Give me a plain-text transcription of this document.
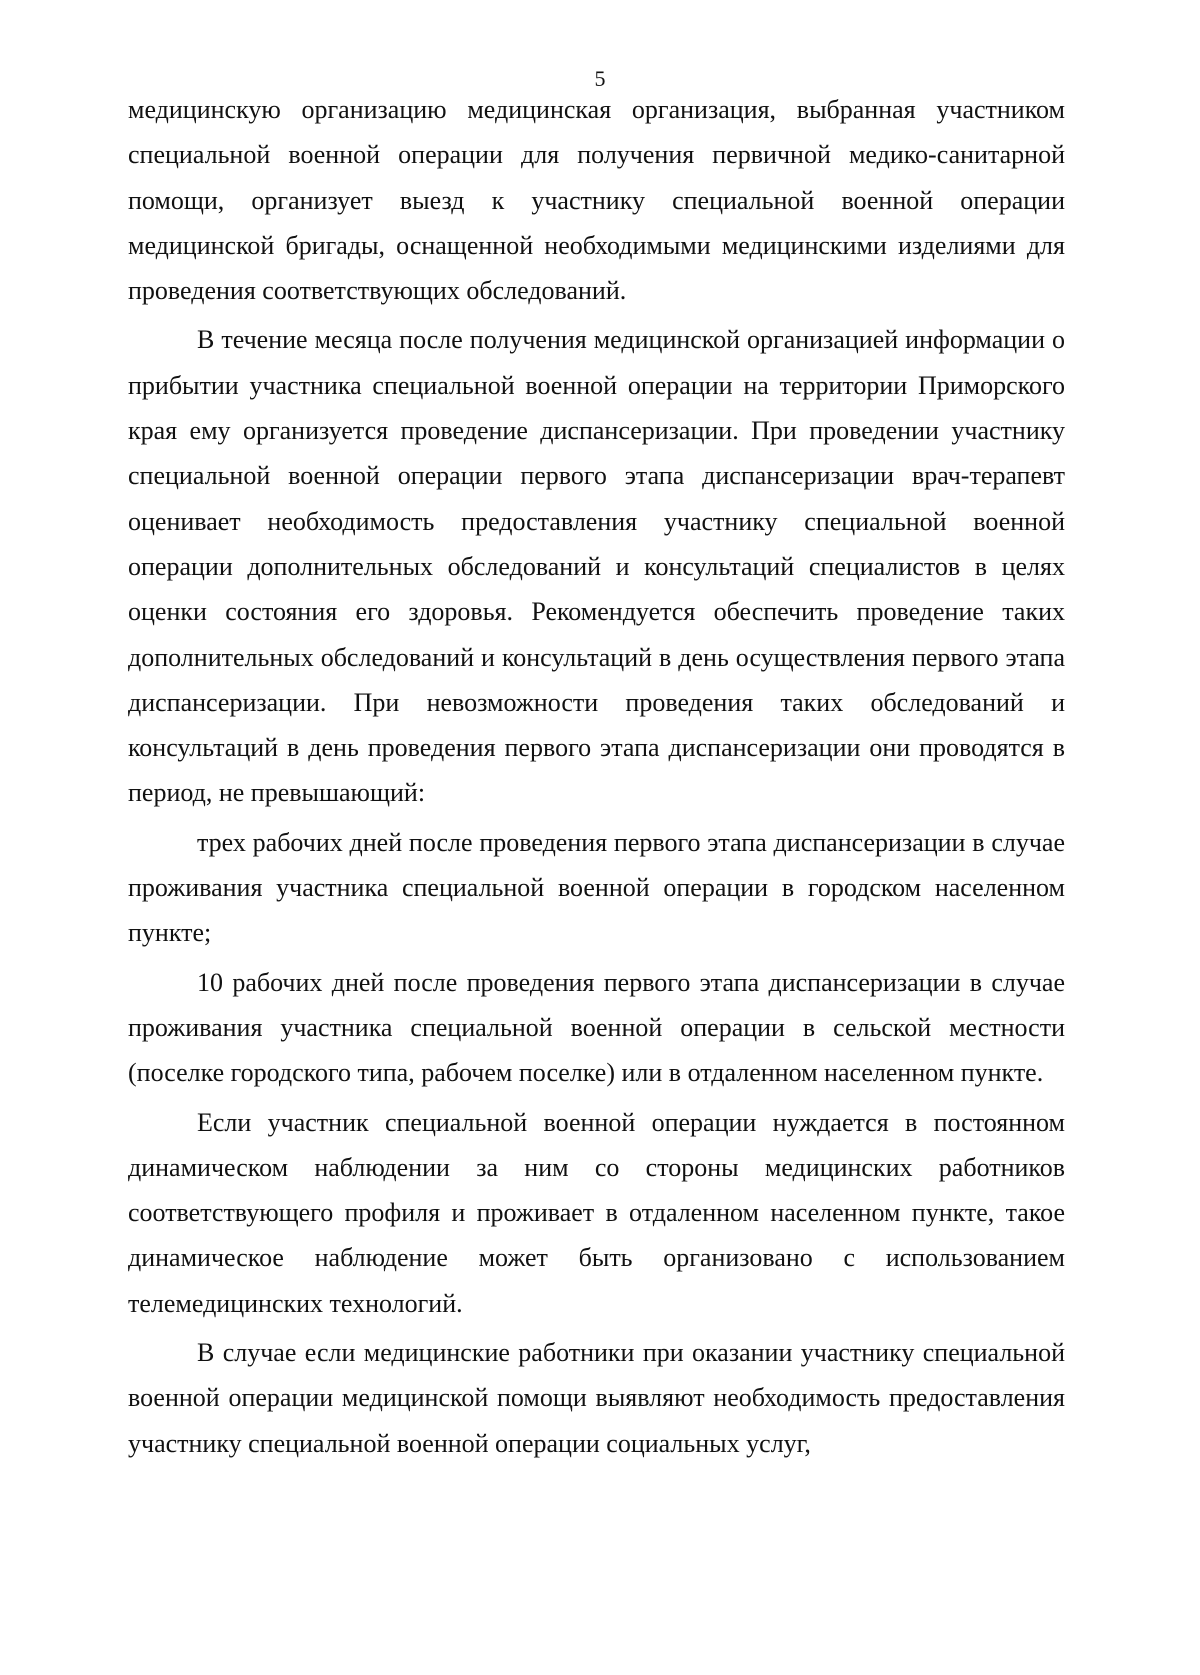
5

медицинскую организацию медицинская организация, выбранная участником специальной военной операции для получения первичной медико-санитарной помощи, организует выезд к участнику специальной военной операции медицинской бригады, оснащенной необходимыми медицинскими изделиями для проведения соответствующих обследований.

В течение месяца после получения медицинской организацией информации о прибытии участника специальной военной операции на территории Приморского края ему организуется проведение диспансеризации. При проведении участнику специальной военной операции первого этапа диспансеризации врач-терапевт оценивает необходимость предоставления участнику специальной военной операции дополнительных обследований и консультаций специалистов в целях оценки состояния его здоровья. Рекомендуется обеспечить проведение таких дополнительных обследований и консультаций в день осуществления первого этапа диспансеризации. При невозможности проведения таких обследований и консультаций в день проведения первого этапа диспансеризации они проводятся в период, не превышающий:

трех рабочих дней после проведения первого этапа диспансеризации в случае проживания участника специальной военной операции в городском населенном пункте;

10 рабочих дней после проведения первого этапа диспансеризации в случае проживания участника специальной военной операции в сельской местности (поселке городского типа, рабочем поселке) или в отдаленном населенном пункте.

Если участник специальной военной операции нуждается в постоянном динамическом наблюдении за ним со стороны медицинских работников соответствующего профиля и проживает в отдаленном населенном пункте, такое динамическое наблюдение может быть организовано с использованием телемедицинских технологий.

В случае если медицинские работники при оказании участнику специальной военной операции медицинской помощи выявляют необходимость предоставления участнику специальной военной операции социальных услуг,
